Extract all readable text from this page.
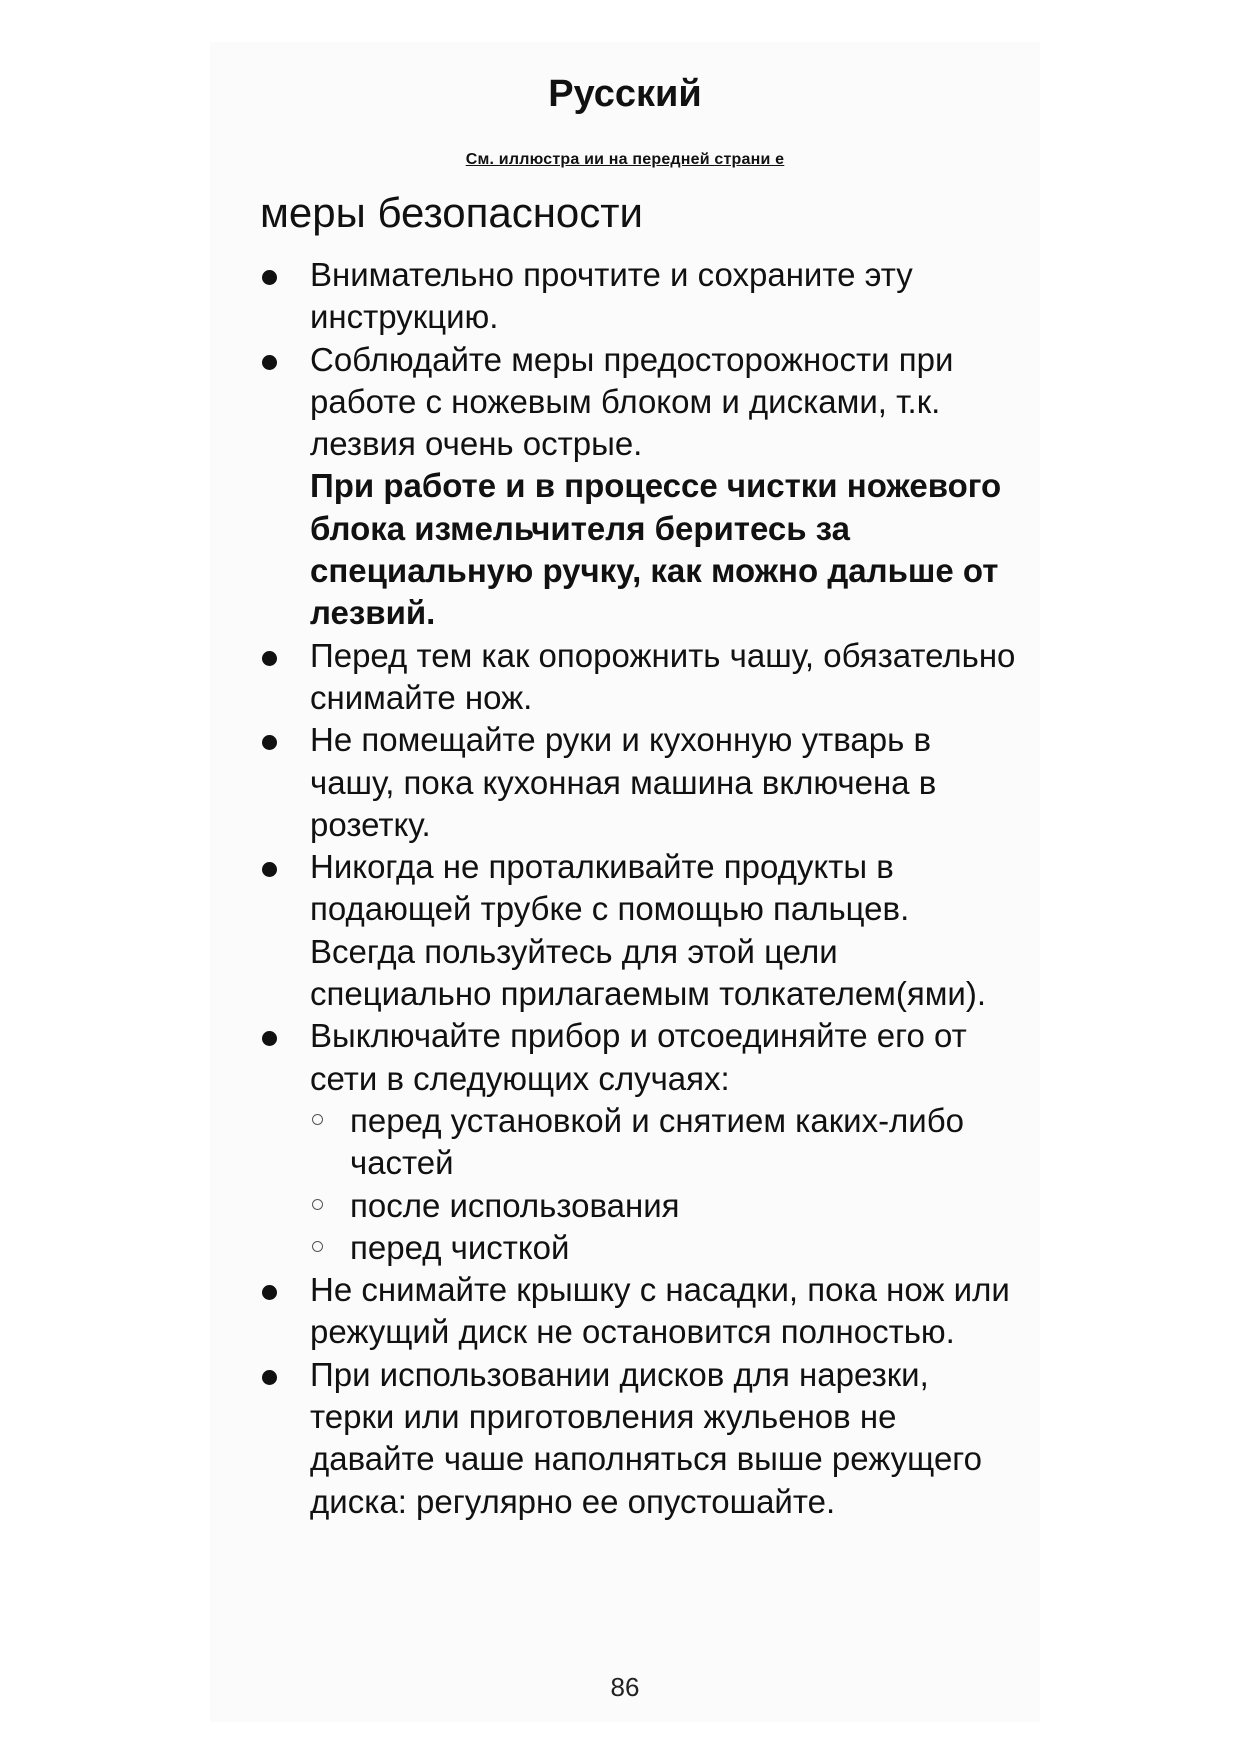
Русский
См. иллюстра ии на передней страни е
меры безопасности
Внимательно прочтите и сохраните эту инструкцию.
Соблюдайте меры предосторожности при работе с ножевым блоком и дисками, т.к. лезвия очень острые.
При работе и в процессе чистки ножевого блока измельчителя беритесь за специальную ручку, как можно дальше от лезвий.
Перед тем как опорожнить чашу, обязательно снимайте нож.
Не помещайте руки и кухонную утварь в чашу, пока кухонная машина включена в розетку.
Никогда не проталкивайте продукты в подающей трубке с помощью пальцев. Всегда пользуйтесь для этой цели специально прилагаемым толкателем(ями).
Выключайте прибор и отсоединяйте его от сети в следующих случаях:
перед установкой и снятием каких-либо частей
после использования
перед чисткой
Не снимайте крышку с насадки, пока нож или режущий диск не остановится полностью.
При использовании дисков для нарезки, терки или приготовления жульенов не давайте чаше наполняться выше режущего диска: регулярно ее опустошайте.
86
